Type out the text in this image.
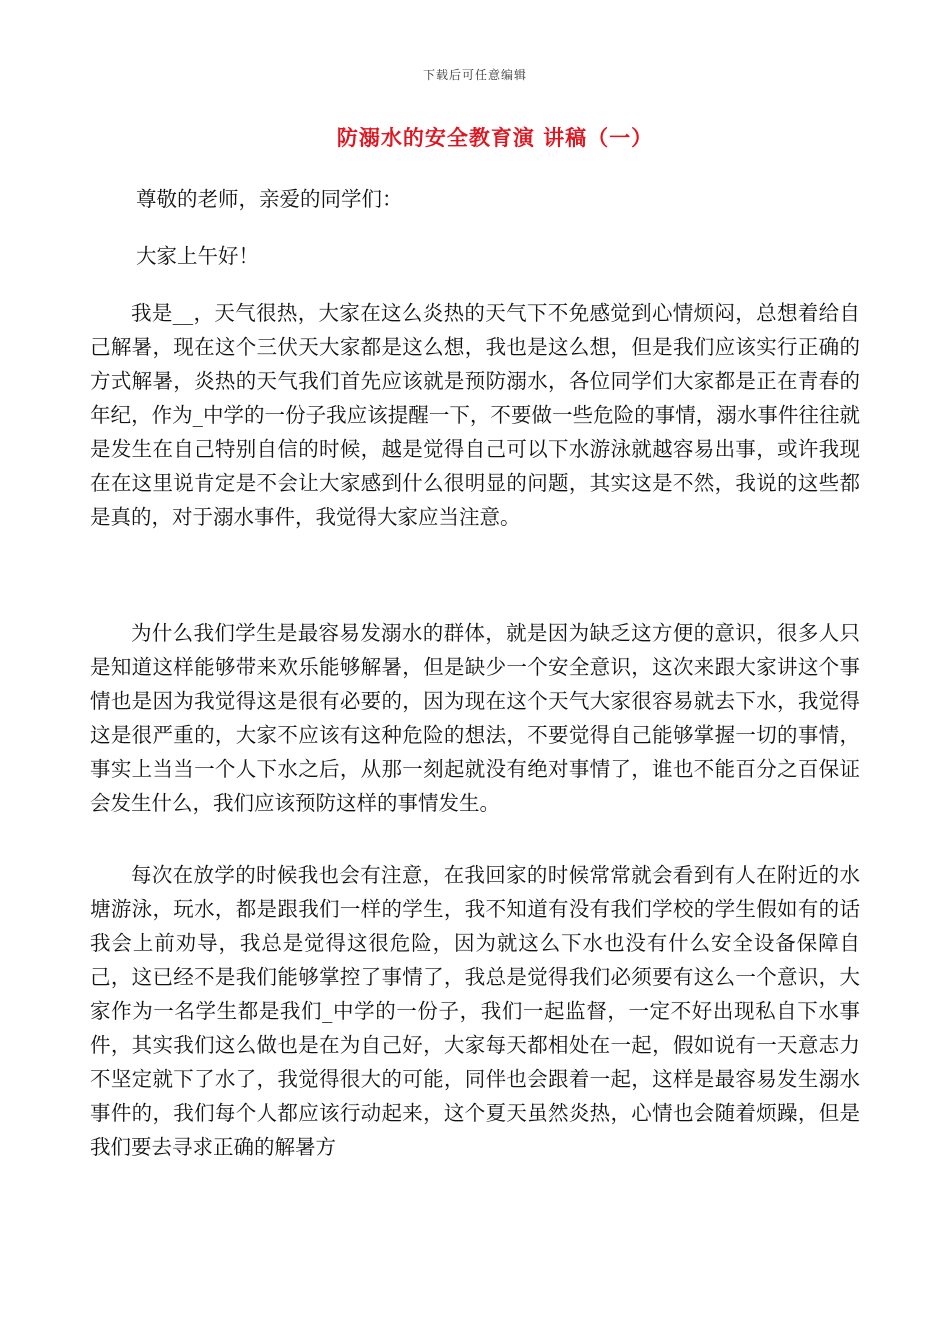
下载后可任意编辑
防溺水的安全教育演 讲稿（一）

尊敬的老师，亲爱的同学们：

大家上午好！

我是__，天气很热，大家在这么炎热的天气下不免感觉到心情烦闷，总想着给自己解暑，现在这个三伏天大家都是这么想，我也是这么想，但是我们应该实行正确的方式解暑，炎热的天气我们首先应该就是预防溺水，各位同学们大家都是正在青春的年纪，作为_中学的一份子我应该提醒一下，不要做一些危险的事情，溺水事件往往就是发生在自己特别自信的时候，越是觉得自己可以下水游泳就越容易出事，或许我现在在这里说肯定是不会让大家感到什么很明显的问题，其实这是不然，我说的这些都是真的，对于溺水事件，我觉得大家应当注意。

为什么我们学生是最容易发溺水的群体，就是因为缺乏这方便的意识，很多人只是知道这样能够带来欢乐能够解暑，但是缺少一个安全意识，这次来跟大家讲这个事情也是因为我觉得这是很有必要的，因为现在这个天气大家很容易就去下水，我觉得这是很严重的，大家不应该有这种危险的想法，不要觉得自己能够掌握一切的事情，事实上当当一个人下水之后，从那一刻起就没有绝对事情了，谁也不能百分之百保证会发生什么，我们应该预防这样的事情发生。

每次在放学的时候我也会有注意，在我回家的时候常常就会看到有人在附近的水塘游泳，玩水，都是跟我们一样的学生，我不知道有没有我们学校的学生假如有的话我会上前劝导，我总是觉得这很危险，因为就这么下水也没有什么安全设备保障自己，这已经不是我们能够掌控了事情了，我总是觉得我们必须要有这么一个意识，大家作为一名学生都是我们_中学的一份子，我们一起监督，一定不好出现私自下水事件，其实我们这么做也是在为自己好，大家每天都相处在一起，假如说有一天意志力不坚定就下了水了，我觉得很大的可能，同伴也会跟着一起，这样是最容易发生溺水事件的，我们每个人都应该行动起来，这个夏天虽然炎热，心情也会随着烦躁，但是我们要去寻求正确的解暑方
